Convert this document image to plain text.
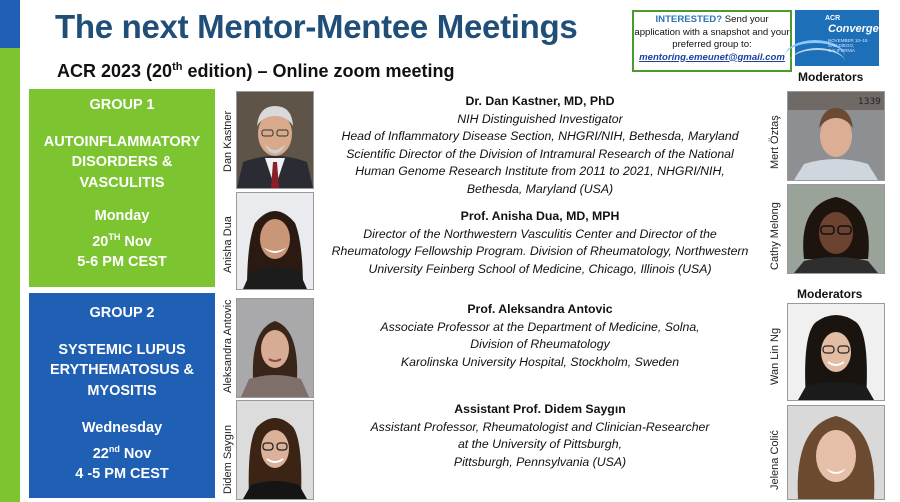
The next Mentor-Mentee Meetings
ACR 2023 (20th edition) – Online zoom meeting
INTERESTED? Send your application with a snapshot and your preferred group to:
mentoring.emeunet@gmail.com
ACR
Convergence
NOVEMBER 10–15 · SAN DIEGO, CALIFORNIA
Moderators
Moderators
GROUP 1
AUTOINFLAMMATORY
DISORDERS &
VASCULITIS
Monday
20TH Nov
5-6 PM CEST
GROUP 2
SYSTEMIC LUPUS
ERYTHEMATOSUS &
MYOSITIS
Wednesday
22nd Nov
4 -5 PM CEST
Dan Kastner
Anisha Dua
Aleksandra Antovic
Didem Saygın
Dr. Dan Kastner, MD, PhD
NIH Distinguished Investigator
Head of Inflammatory Disease Section, NHGRI/NIH, Bethesda, Maryland
Scientific Director of the Division of Intramural Research of the National
Human Genome Research Institute from 2011 to 2021, NHGRI/NIH,
Bethesda, Maryland (USA)
Prof. Anisha Dua, MD, MPH
Director of the Northwestern Vasculitis Center and Director of the
Rheumatology Fellowship Program. Division of Rheumatology, Northwestern
University Feinberg School of Medicine, Chicago, Illinois (USA)
Prof. Aleksandra Antovic
Associate Professor at the Department of Medicine, Solna,
Division of Rheumatology
Karolinska University Hospital, Stockholm, Sweden
Assistant Prof. Didem Saygın
Assistant Professor, Rheumatologist and Clinician-Researcher
at the University of Pittsburgh,
Pittsburgh, Pennsylvania (USA)
Mert Öztaş
Cathy Melong
Wan Lin Ng
Jelena Colić
1339
